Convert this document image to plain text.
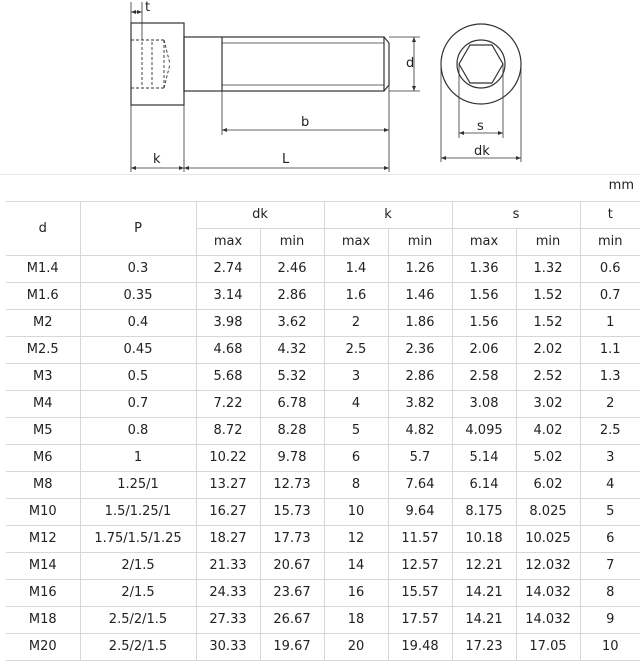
t
d
b
k	L
s
dk
mm
d	P	dk		k		s		t
		max	min	max	min	max	min	min
M1.4	0.3	2.74	2.46	1.4	1.26	1.36	1.32	0.6
M1.6	0.35	3.14	2.86	1.6	1.46	1.56	1.52	0.7
M2	0.4	3.98	3.62	2	1.86	1.56	1.52	1
M2.5	0.45	4.68	4.32	2.5	2.36	2.06	2.02	1.1
M3	0.5	5.68	5.32	3	2.86	2.58	2.52	1.3
M4	0.7	7.22	6.78	4	3.82	3.08	3.02	2
M5	0.8	8.72	8.28	5	4.82	4.095	4.02	2.5
M6	1	10.22	9.78	6	5.7	5.14	5.02	3
M8	1.25/1	13.27	12.73	8	7.64	6.14	6.02	4
M10	1.5/1.25/1	16.27	15.73	10	9.64	8.175	8.025	5
M12	1.75/1.5/1.25	18.27	17.73	12	11.57	10.18	10.025	6
M14	2/1.5	21.33	20.67	14	12.57	12.21	12.032	7
M16	2/1.5	24.33	23.67	16	15.57	14.21	14.032	8
M18	2.5/2/1.5	27.33	26.67	18	17.57	14.21	14.032	9
M20	2.5/2/1.5	30.33	19.67	20	19.48	17.23	17.05	10
